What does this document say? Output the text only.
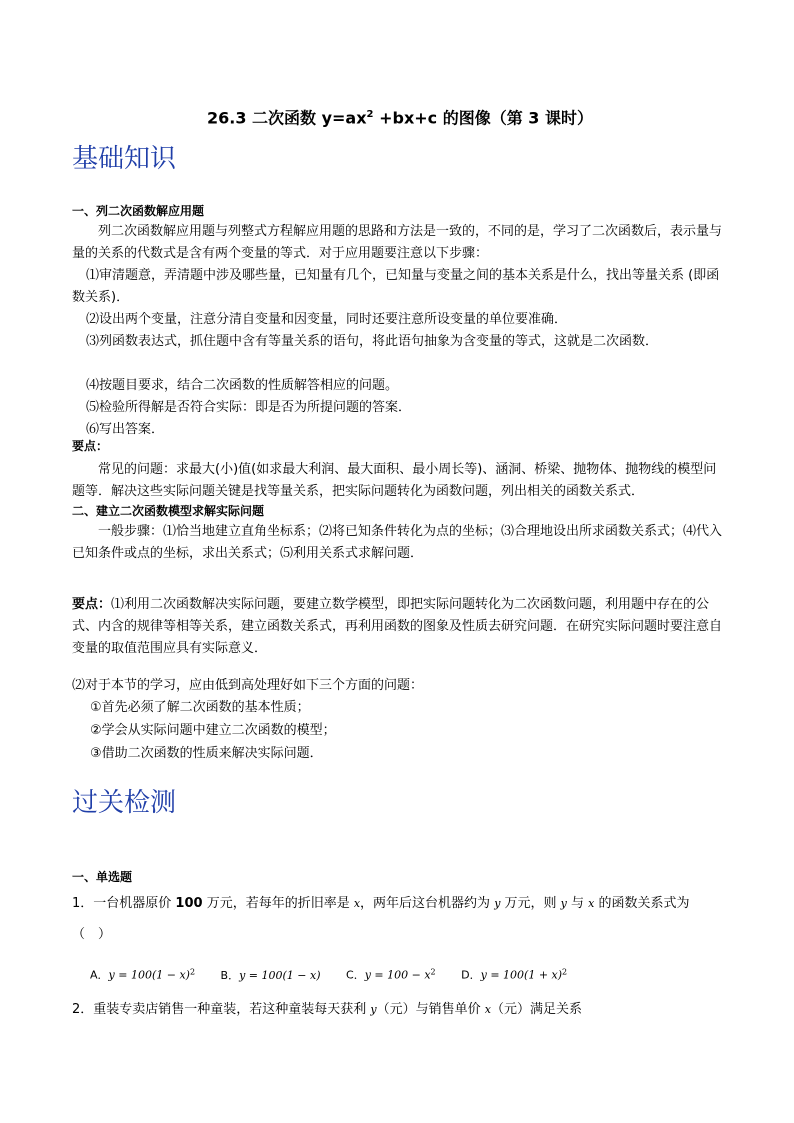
26.3 二次函数 $y=ax^2 +bx+c$ 的图像（第 3 课时）
基础知识
一、列二次函数解应用题
列二次函数解应用题与列整式方程解应用题的思路和方法是一致的，不同的是，学习了二次函数后，表示量与量的关系的代数式是含有两个变量的等式．对于应用题要注意以下步骤：
⑴审清题意，弄清题中涉及哪些量，已知量有几个，已知量与变量之间的基本关系是什么，找出等量关系 (即函数关系)．
⑵设出两个变量，注意分清自变量和因变量，同时还要注意所设变量的单位要准确．
⑶列函数表达式，抓住题中含有等量关系的语句，将此语句抽象为含变量的等式，这就是二次函数．
⑷按题目要求，结合二次函数的性质解答相应的问题。
⑸检验所得解是否符合实际：即是否为所提问题的答案．
⑹写出答案．
要点：
常见的问题：求最大(小)值(如求最大利润、最大面积、最小周长等)、涵洞、桥梁、抛物体、抛物线的模型问题等．解决这些实际问题关键是找等量关系，把实际问题转化为函数问题，列出相关的函数关系式．
二、建立二次函数模型求解实际问题
一般步骤：⑴恰当地建立直角坐标系；⑵将已知条件转化为点的坐标；⑶合理地设出所求函数关系式；⑷代入已知条件或点的坐标，求出关系式；⑸利用关系式求解问题．
要点：⑴利用二次函数解决实际问题，要建立数学模型，即把实际问题转化为二次函数问题，利用题中存在的公式、内含的规律等相等关系，建立函数关系式，再利用函数的图象及性质去研究问题．在研究实际问题时要注意自变量的取值范围应具有实际意义．
⑵对于本节的学习，应由低到高处理好如下三个方面的问题：
①首先必须了解二次函数的基本性质；
②学会从实际问题中建立二次函数的模型；
③借助二次函数的性质来解决实际问题．
过关检测
一、单选题
1．一台机器原价 100 万元，若每年的折旧率是 x，两年后这台机器约为 y 万元，则 y 与 x 的函数关系式为
（　）
A．$y = 100(1 - x)^2$ B．y = 100(1 − x) C．$y = 100 - x^2$ D．$y = 100(1 + x)^2$
2．重装专卖店销售一种童装，若这种童装每天获利 y（元）与销售单价 x（元）满足关系
